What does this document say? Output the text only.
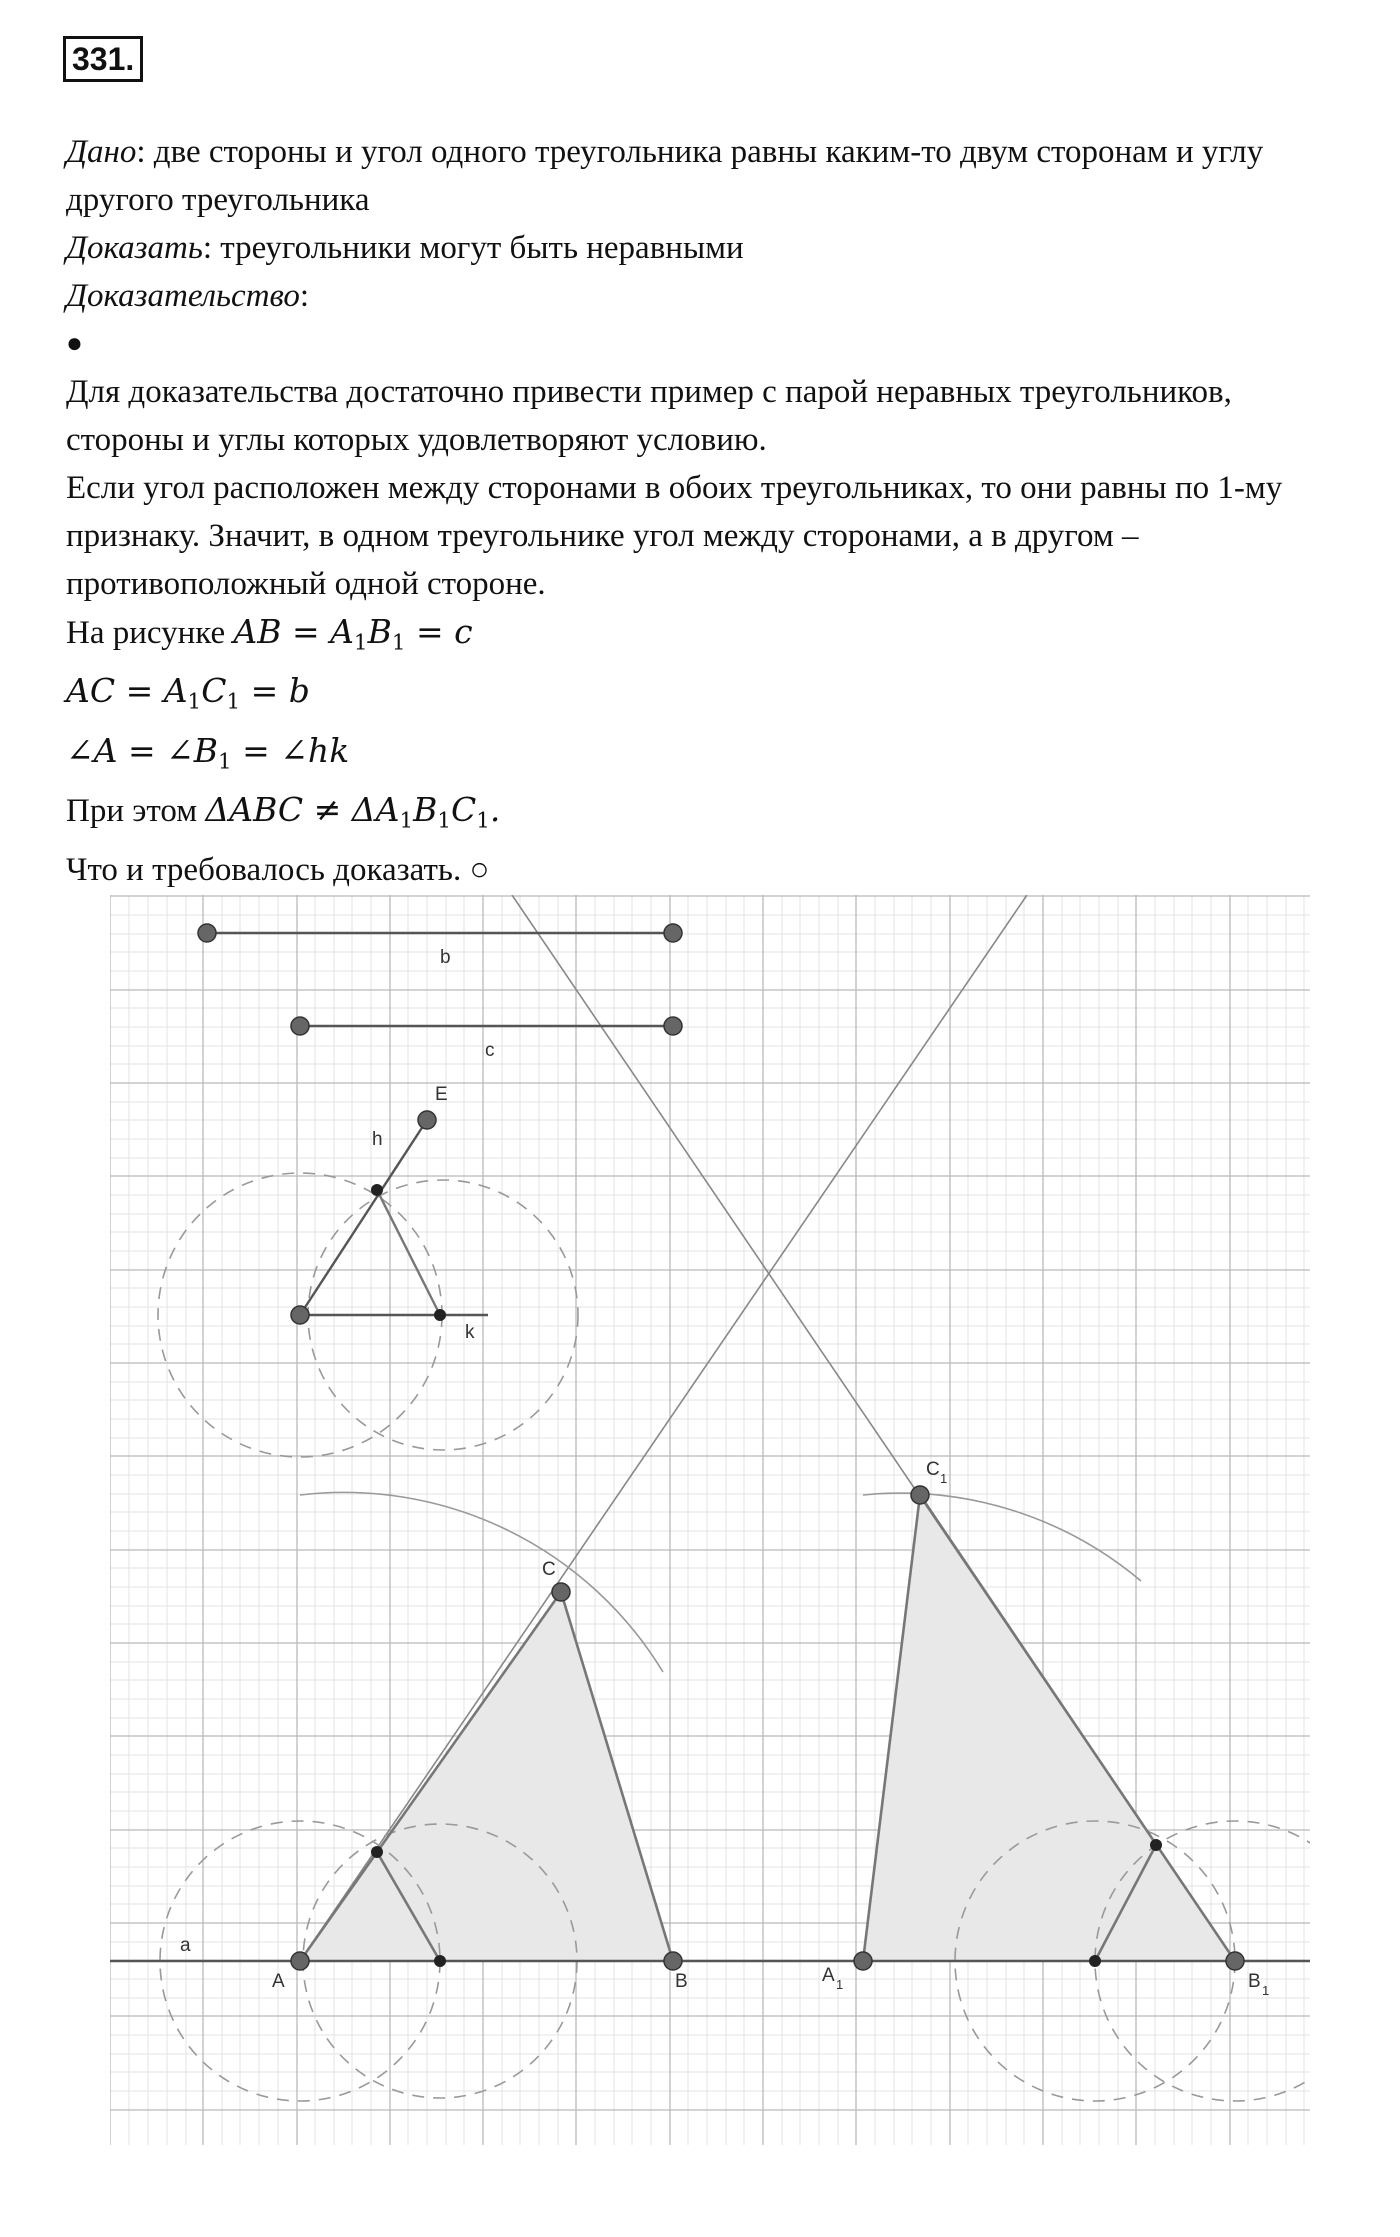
331.
Дано: две стороны и угол одного треугольника равны каким-то двум сторонам и углу
другого треугольника
Доказать: треугольники могут быть неравными
Доказательство:
●
Для доказательства достаточно привести пример с парой неравных треугольников,
стороны и углы которых удовлетворяют условию.
Если угол расположен между сторонами в обоих треугольниках, то они равны по 1-му
признаку. Значит, в одном треугольнике угол между сторонами, а в другом –
противоположный одной стороне.
На рисунке AB = $A_1B_1 = c$
AC = $A_1C_1 = b$
∠A = $\angle B_1$ = ∠hk
При этом $\Delta ABC \ne \Delta A_1B_1C_1$.
Что и требовалось доказать. ○
b
c
E
h
k
a
A	B
C
A 1	B 1
C 1
